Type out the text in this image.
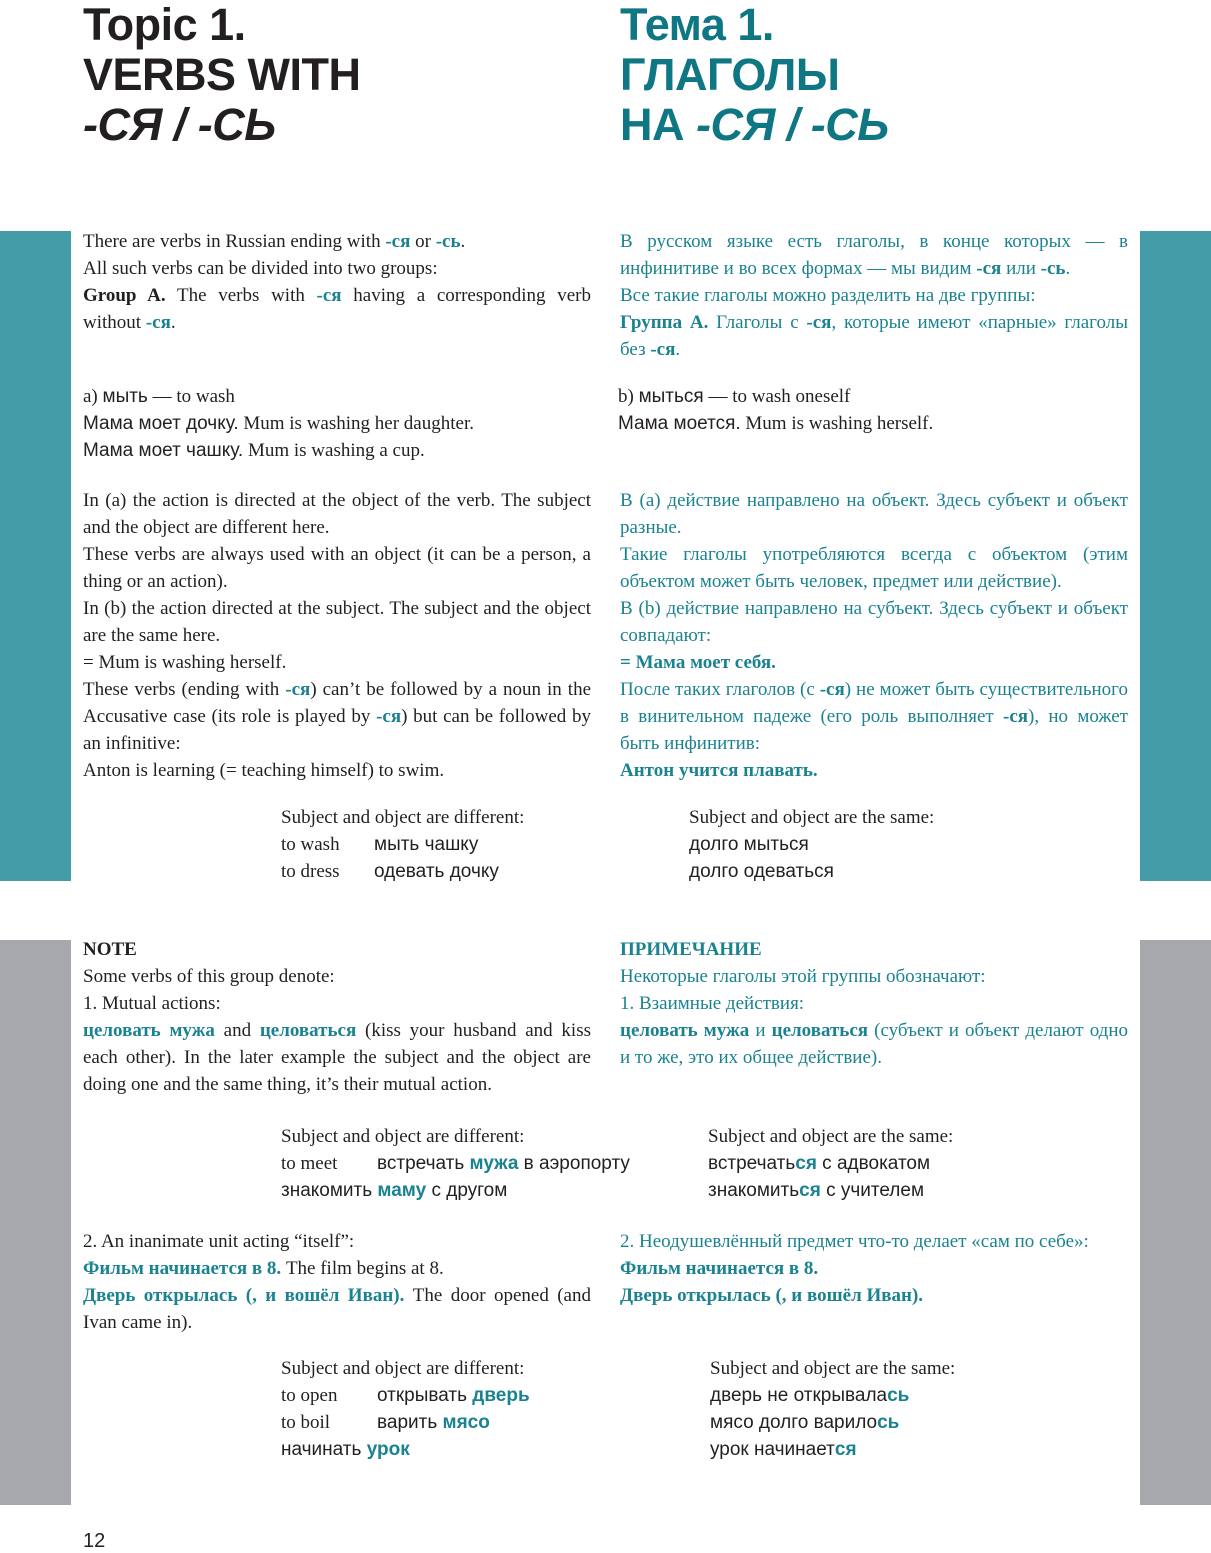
Topic 1.
VERBS WITH
-СЯ / -СЬ
Тема 1.
ГЛАГОЛЫ
НА -СЯ / -СЬ

There are verbs in Russian ending with -ся or -сь.

All such verbs can be divided into two groups:

Group A. The verbs with -ся having a corresponding verb without -ся.

В русском языке есть глаголы, в конце которых — в инфинитиве и во всех формах — мы видим -ся или -сь.

Все такие глаголы можно разделить на две группы:

Группа А. Глаголы с -ся, которые имеют «парные» глаголы без -ся.

a) мыть — to wash

Мама моет дочку. Mum is washing her daughter.

Мама моет чашку. Mum is washing a cup.

b) мыться — to wash oneself

Мама моется. Mum is washing herself.

In (a) the action is directed at the object of the verb. The subject and the object are different here.

These verbs are always used with an object (it can be a person, a thing or an action).

In (b) the action directed at the subject. The subject and the object are the same here.

= Mum is washing herself.

These verbs (ending with -ся) can’t be followed by a noun in the Accusative case (its role is played by -ся) but can be followed by an infinitive:

Anton is learning (= teaching himself) to swim.

В (а) действие направлено на объект. Здесь субъект и объект разные.

Такие глаголы употребляются всегда с объектом (этим объектом может быть человек, предмет или действие).

В (b) действие направлено на субъект. Здесь субъект и объект совпадают:

= Мама моет себя.

После таких глаголов (с -ся) не может быть существительного в винительном падеже (его роль выполняет -ся), но может быть инфинитив:

Антон учится плавать.

Subject and object are different:

to wash мыть чашку

to dress одевать дочку

Subject and object are the same:

долго мыться

долго одеваться

NOTE

Some verbs of this group denote:

1. Mutual actions:

целовать мужа and целоваться (kiss your husband and kiss each other). In the later example the subject and the object are doing one and the same thing, it’s their mutual action.

ПРИМЕЧАНИЕ

Некоторые глаголы этой группы обозначают:

1. Взаимные действия:

целовать мужа и целоваться (субъект и объект делают одно и то же, это их общее действие).

Subject and object are different:

to meet встречать мужа в аэропорту

знакомить маму с другом

Subject and object are the same:

встречаться с адвокатом

знакомиться с учителем

2. An inanimate unit acting “itself”:

Фильм начинается в 8. The film begins at 8.

Дверь открылась (, и вошёл Иван). The door opened (and Ivan came in).

2. Неодушевлённый предмет что-то делает «сам по себе»:

Фильм начинается в 8.

Дверь открылась (, и вошёл Иван).

Subject and object are different:

to open открывать дверь

to boil варить мясо

начинать урок

Subject and object are the same:

дверь не открывалась

мясо долго варилось

урок начинается

12
